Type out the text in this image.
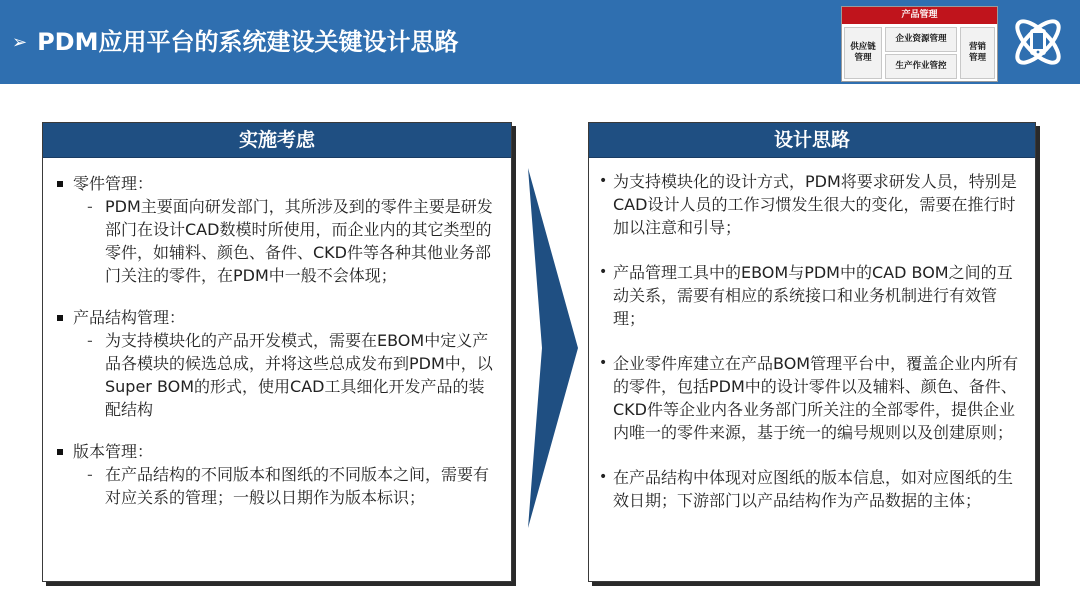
➢ PDM应用平台的系统建设关键设计思路
产品管理
供应链管理
企业资源管理
生产作业管控
营销管理
实施考虑
零件管理：
- PDM主要面向研发部门，其所涉及到的零件主要是研发部门在设计CAD数模时所使用，而企业内的其它类型的零件，如辅料、颜色、备件、CKD件等各种其他业务部门关注的零件，在PDM中一般不会体现；
产品结构管理：
- 为支持模块化的产品开发模式，需要在EBOM中定义产品各模块的候选总成，并将这些总成发布到PDM中，以Super BOM的形式，使用CAD工具细化开发产品的装配结构
版本管理：
- 在产品结构的不同版本和图纸的不同版本之间，需要有对应关系的管理；一般以日期作为版本标识；
设计思路
• 为支持模块化的设计方式，PDM将要求研发人员，特别是CAD设计人员的工作习惯发生很大的变化，需要在推行时加以注意和引导；
• 产品管理工具中的EBOM与PDM中的CAD BOM之间的互动关系，需要有相应的系统接口和业务机制进行有效管理；
• 企业零件库建立在产品BOM管理平台中，覆盖企业内所有的零件，包括PDM中的设计零件以及辅料、颜色、备件、CKD件等企业内各业务部门所关注的全部零件，提供企业内唯一的零件来源，基于统一的编号规则以及创建原则；
• 在产品结构中体现对应图纸的版本信息，如对应图纸的生效日期；下游部门以产品结构作为产品数据的主体；
